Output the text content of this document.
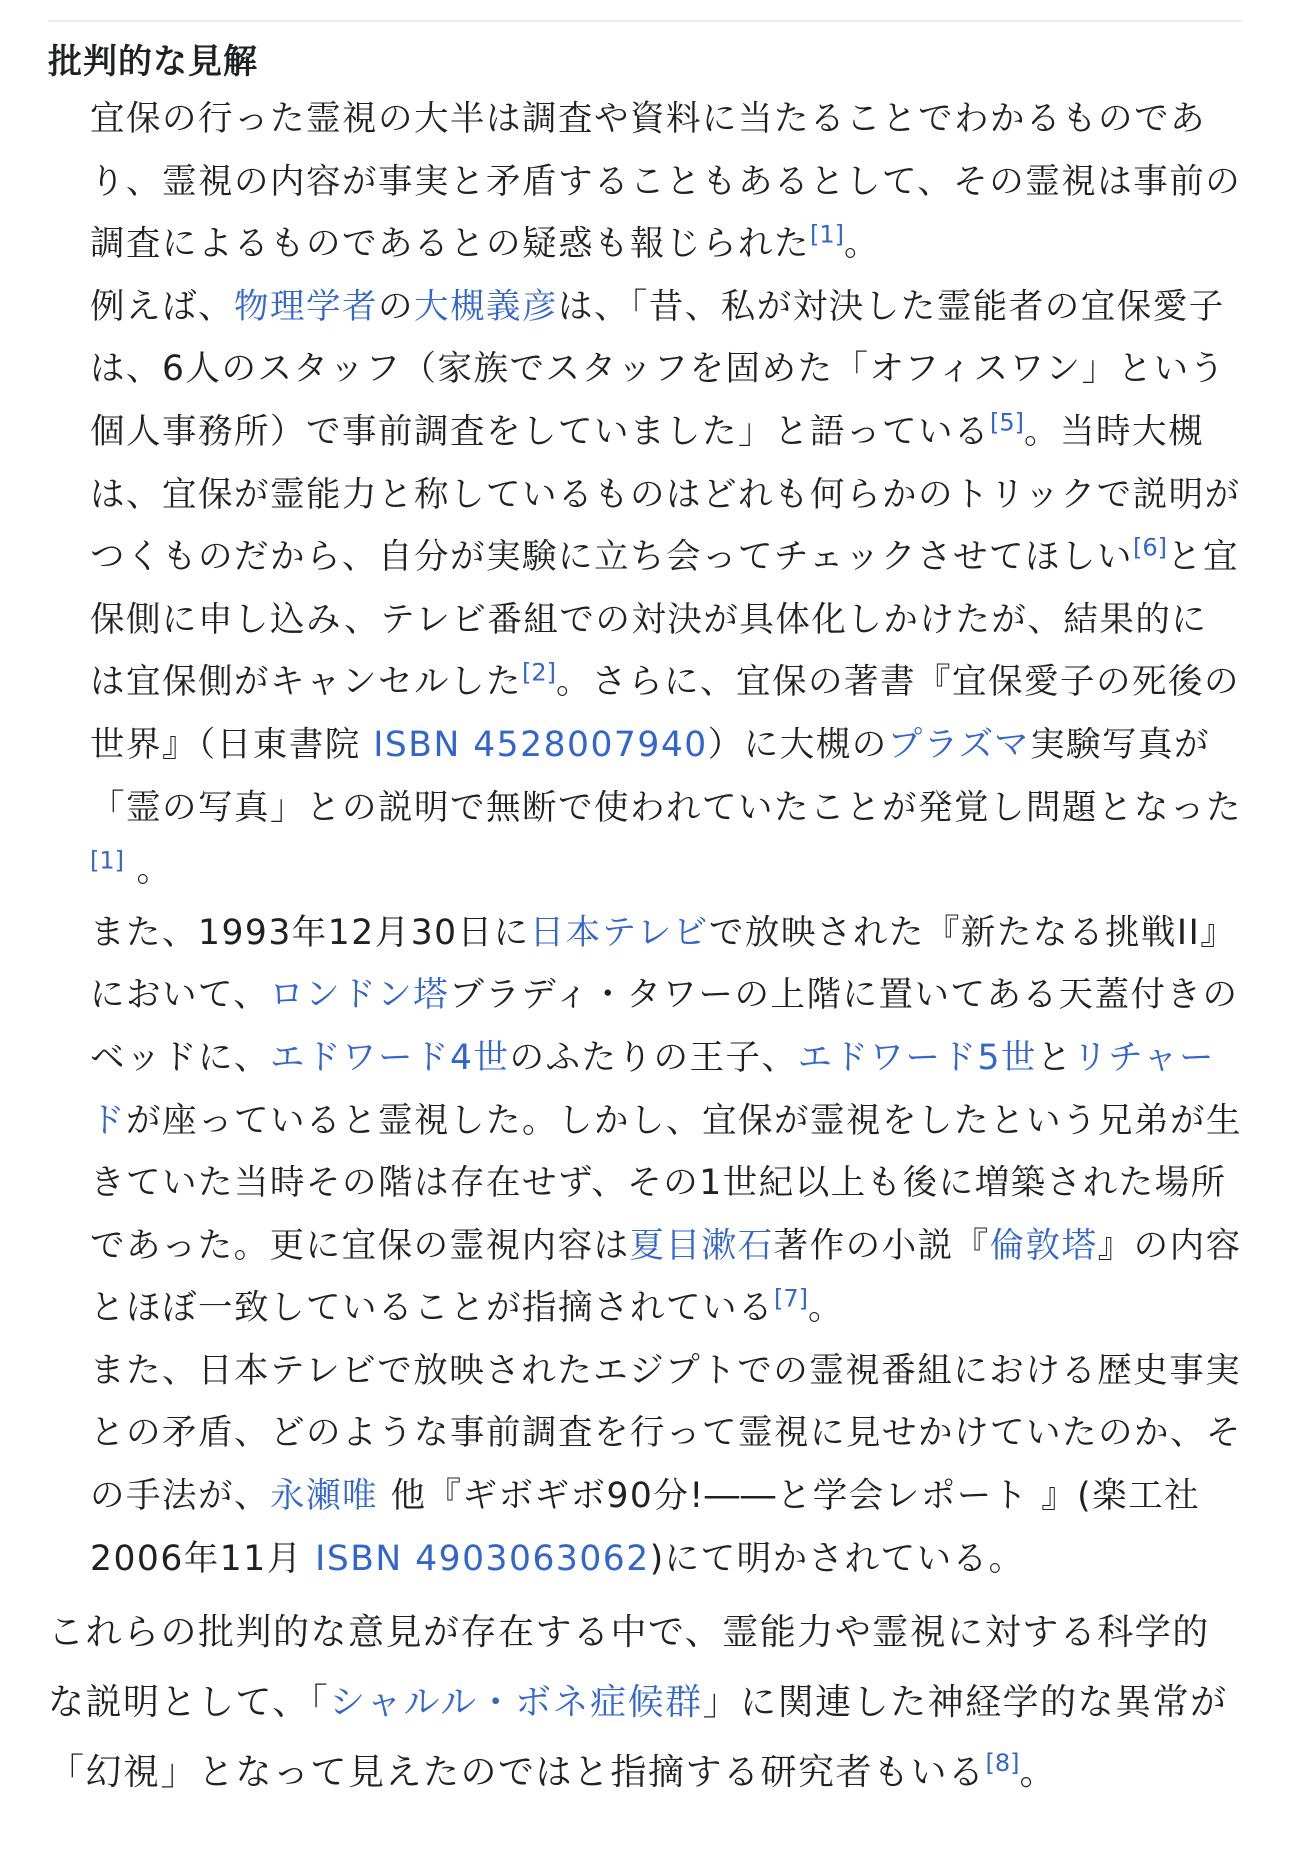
批判的な見解

宜保の行った霊視の大半は調査や資料に当たることでわかるものであり、霊視の内容が事実と矛盾することもあるとして、その霊視は事前の調査によるものであるとの疑惑も報じられた[1]。

例えば、物理学者の大槻義彦は、「昔、私が対決した霊能者の宜保愛子は、6人のスタッフ（家族でスタッフを固めた「オフィスワン」という個人事務所）で事前調査をしていました」と語っている[5]。当時大槻は、宜保が霊能力と称しているものはどれも何らかのトリックで説明がつくものだから、自分が実験に立ち会ってチェックさせてほしい[6]と宜保側に申し込み、テレビ番組での対決が具体化しかけたが、結果的には宜保側がキャンセルした[2]。さらに、宜保の著書『宜保愛子の死後の世界』（日東書院 ISBN 4528007940）に大槻のプラズマ実験写真が「霊の写真」との説明で無断で使われていたことが発覚し問題となった[1] 。

また、1993年12月30日に日本テレビで放映された『新たなる挑戦II』において、ロンドン塔ブラディ・タワーの上階に置いてある天蓋付きのベッドに、エドワード4世のふたりの王子、エドワード5世とリチャードが座っていると霊視した。しかし、宜保が霊視をしたという兄弟が生きていた当時その階は存在せず、その1世紀以上も後に増築された場所であった。更に宜保の霊視内容は夏目漱石著作の小説『倫敦塔』の内容とほぼ一致していることが指摘されている[7]。

また、日本テレビで放映されたエジプトでの霊視番組における歴史事実との矛盾、どのような事前調査を行って霊視に見せかけていたのか、その手法が、永瀬唯 他『ギボギボ90分!――と学会レポート 』(楽工社 2006年11月 ISBN 4903063062)にて明かされている。

これらの批判的な意見が存在する中で、霊能力や霊視に対する科学的な説明として、「シャルル・ボネ症候群」に関連した神経学的な異常が「幻視」となって見えたのではと指摘する研究者もいる[8]。
